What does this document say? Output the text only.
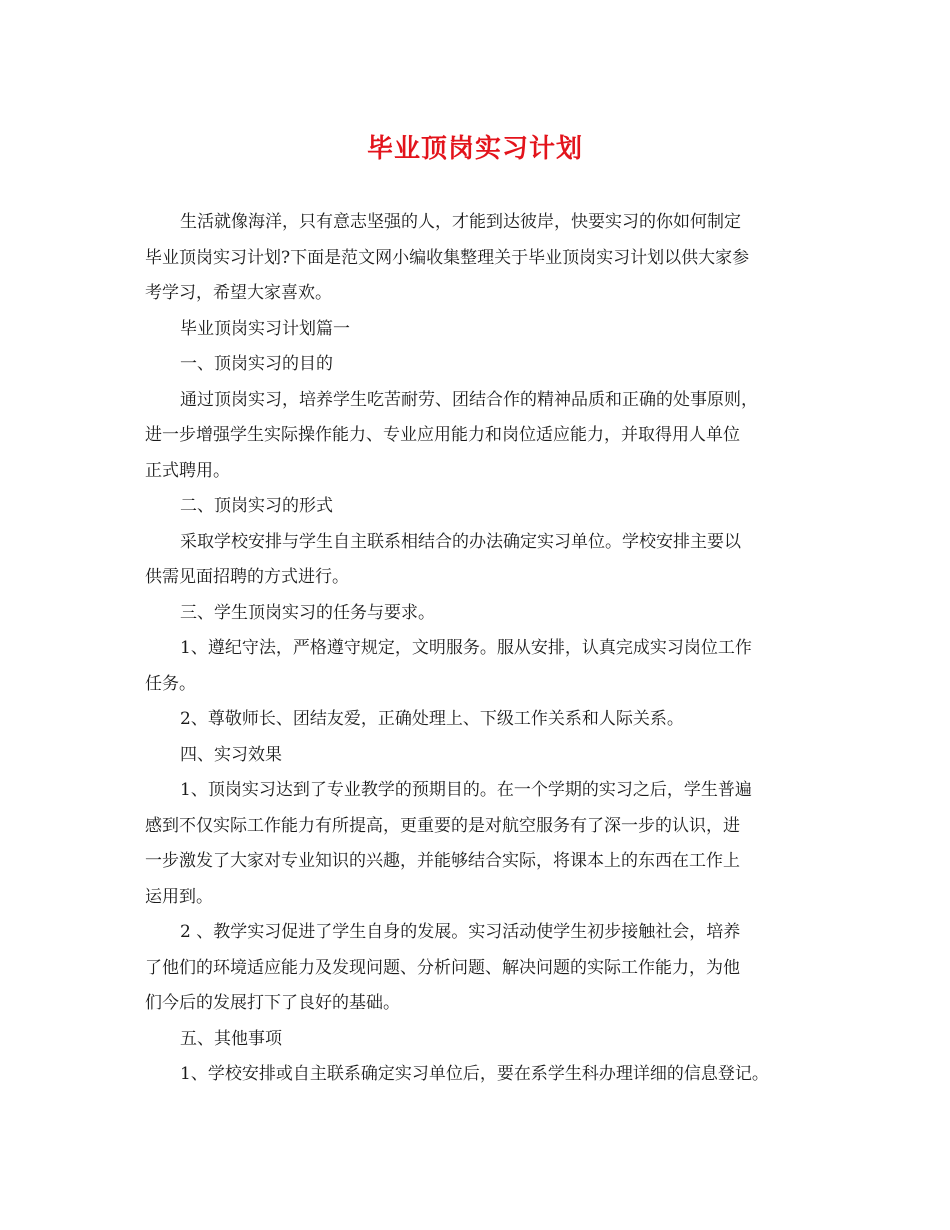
毕业顶岗实习计划
生活就像海洋，只有意志坚强的人，才能到达彼岸，快要实习的你如何制定
毕业顶岗实习计划?下面是范文网小编收集整理关于毕业顶岗实习计划以供大家参
考学习，希望大家喜欢。
毕业顶岗实习计划篇一
一、顶岗实习的目的
通过顶岗实习，培养学生吃苦耐劳、团结合作的精神品质和正确的处事原则，
进一步增强学生实际操作能力、专业应用能力和岗位适应能力，并取得用人单位
正式聘用。
二、顶岗实习的形式
采取学校安排与学生自主联系相结合的办法确定实习单位。学校安排主要以
供需见面招聘的方式进行。
三、学生顶岗实习的任务与要求。
1、遵纪守法，严格遵守规定，文明服务。服从安排，认真完成实习岗位工作
任务。
2、尊敬师长、团结友爱，正确处理上、下级工作关系和人际关系。
四、实习效果
1、顶岗实习达到了专业教学的预期目的。在一个学期的实习之后，学生普遍
感到不仅实际工作能力有所提高，更重要的是对航空服务有了深一步的认识，进
一步激发了大家对专业知识的兴趣，并能够结合实际，将课本上的东西在工作上
运用到。
2 、教学实习促进了学生自身的发展。实习活动使学生初步接触社会，培养
了他们的环境适应能力及发现问题、分析问题、解决问题的实际工作能力，为他
们今后的发展打下了良好的基础。
五、其他事项
1、学校安排或自主联系确定实习单位后，要在系学生科办理详细的信息登记。
